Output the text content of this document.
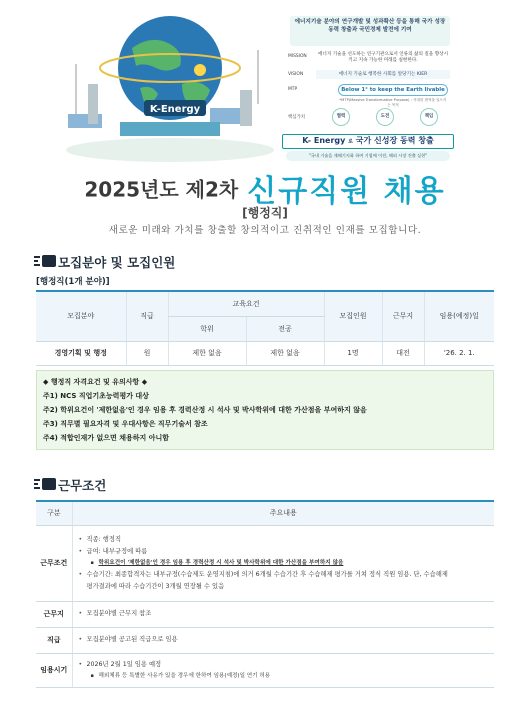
K-Energy
에너지기술 분야의 연구개발 및 성과확산 등을 통해 국가 성장동력 창출과 국민경제 발전에 기여
MISSION
VISION
MTP
핵심가치
에너지 기술을 선도하는 연구기관으로서 인류의 삶의 질을 향상시키고 지속 가능한 미래를 실현한다.
에너지 기술로 행복한 사회를 앞당기는 KIER
Below 1° to keep the Earth livable
*MTP(Massive Transformative Purpose) : 거대한 변혁을 일으키는 목적
협력	도전	책임
K- Energy 로 국가 신성장 동력 창출
"국내 기술을 재해기지화 하여 기업에 이전, 해외 시장 진출 실현"
2025년도 제2차 신규직원 채용
[행정직]
새로운 미래와 가치를 창출할 창의적이고 진취적인 인재를 모집합니다.
모집분야 및 모집인원
[행정직(1개 분야)]
모집분야	직급	교육요건		모집인원	근무지	임용(예정)일
		학위	전공			
경영기획 및 행정	원	제한 없음	제한 없음	1명	대전	'26. 2. 1.

◆ 행정직 자격요건 및 유의사항 ◆

주1) NCS 직업기초능력평가 대상

주2) 학위요건이 '제한없음'인 경우 임용 후 경력산정 시 석사 및 박사학위에 대한 가산점을 부여하지 않음

주3) 직무별 필요자격 및 우대사항은 직무기술서 참조

주4) 적합인재가 없으면 채용하지 아니함

근무조건
구분	주요내용
근무조건	• 직종: 행정직
• 급여: 내부규정에 따름
▪ 학위요건이 '제한없음'인 경우 임용 후 경력산정 시 석사 및 박사학위에 대한 가산점을 부여하지 않음
• 수습기간: 최종합격자는 내부규정(수습제도 운영지침)에 의거 6개월 수습기간 후 수습해제 평가를 거쳐 정식 직원 임용. 단, 수습해제
평가결과에 따라 수습기간이 3개월 연장될 수 있음

근무지	• 모집분야별 근무지 참조

직급	• 모집분야별 공고된 직급으로 임용

임용시기	• 2026년 2월 1일 임용 예정
▪ 해외체류 등 특별한 사유가 있을 경우에 한하여 임용(예정)일 연기 허용
